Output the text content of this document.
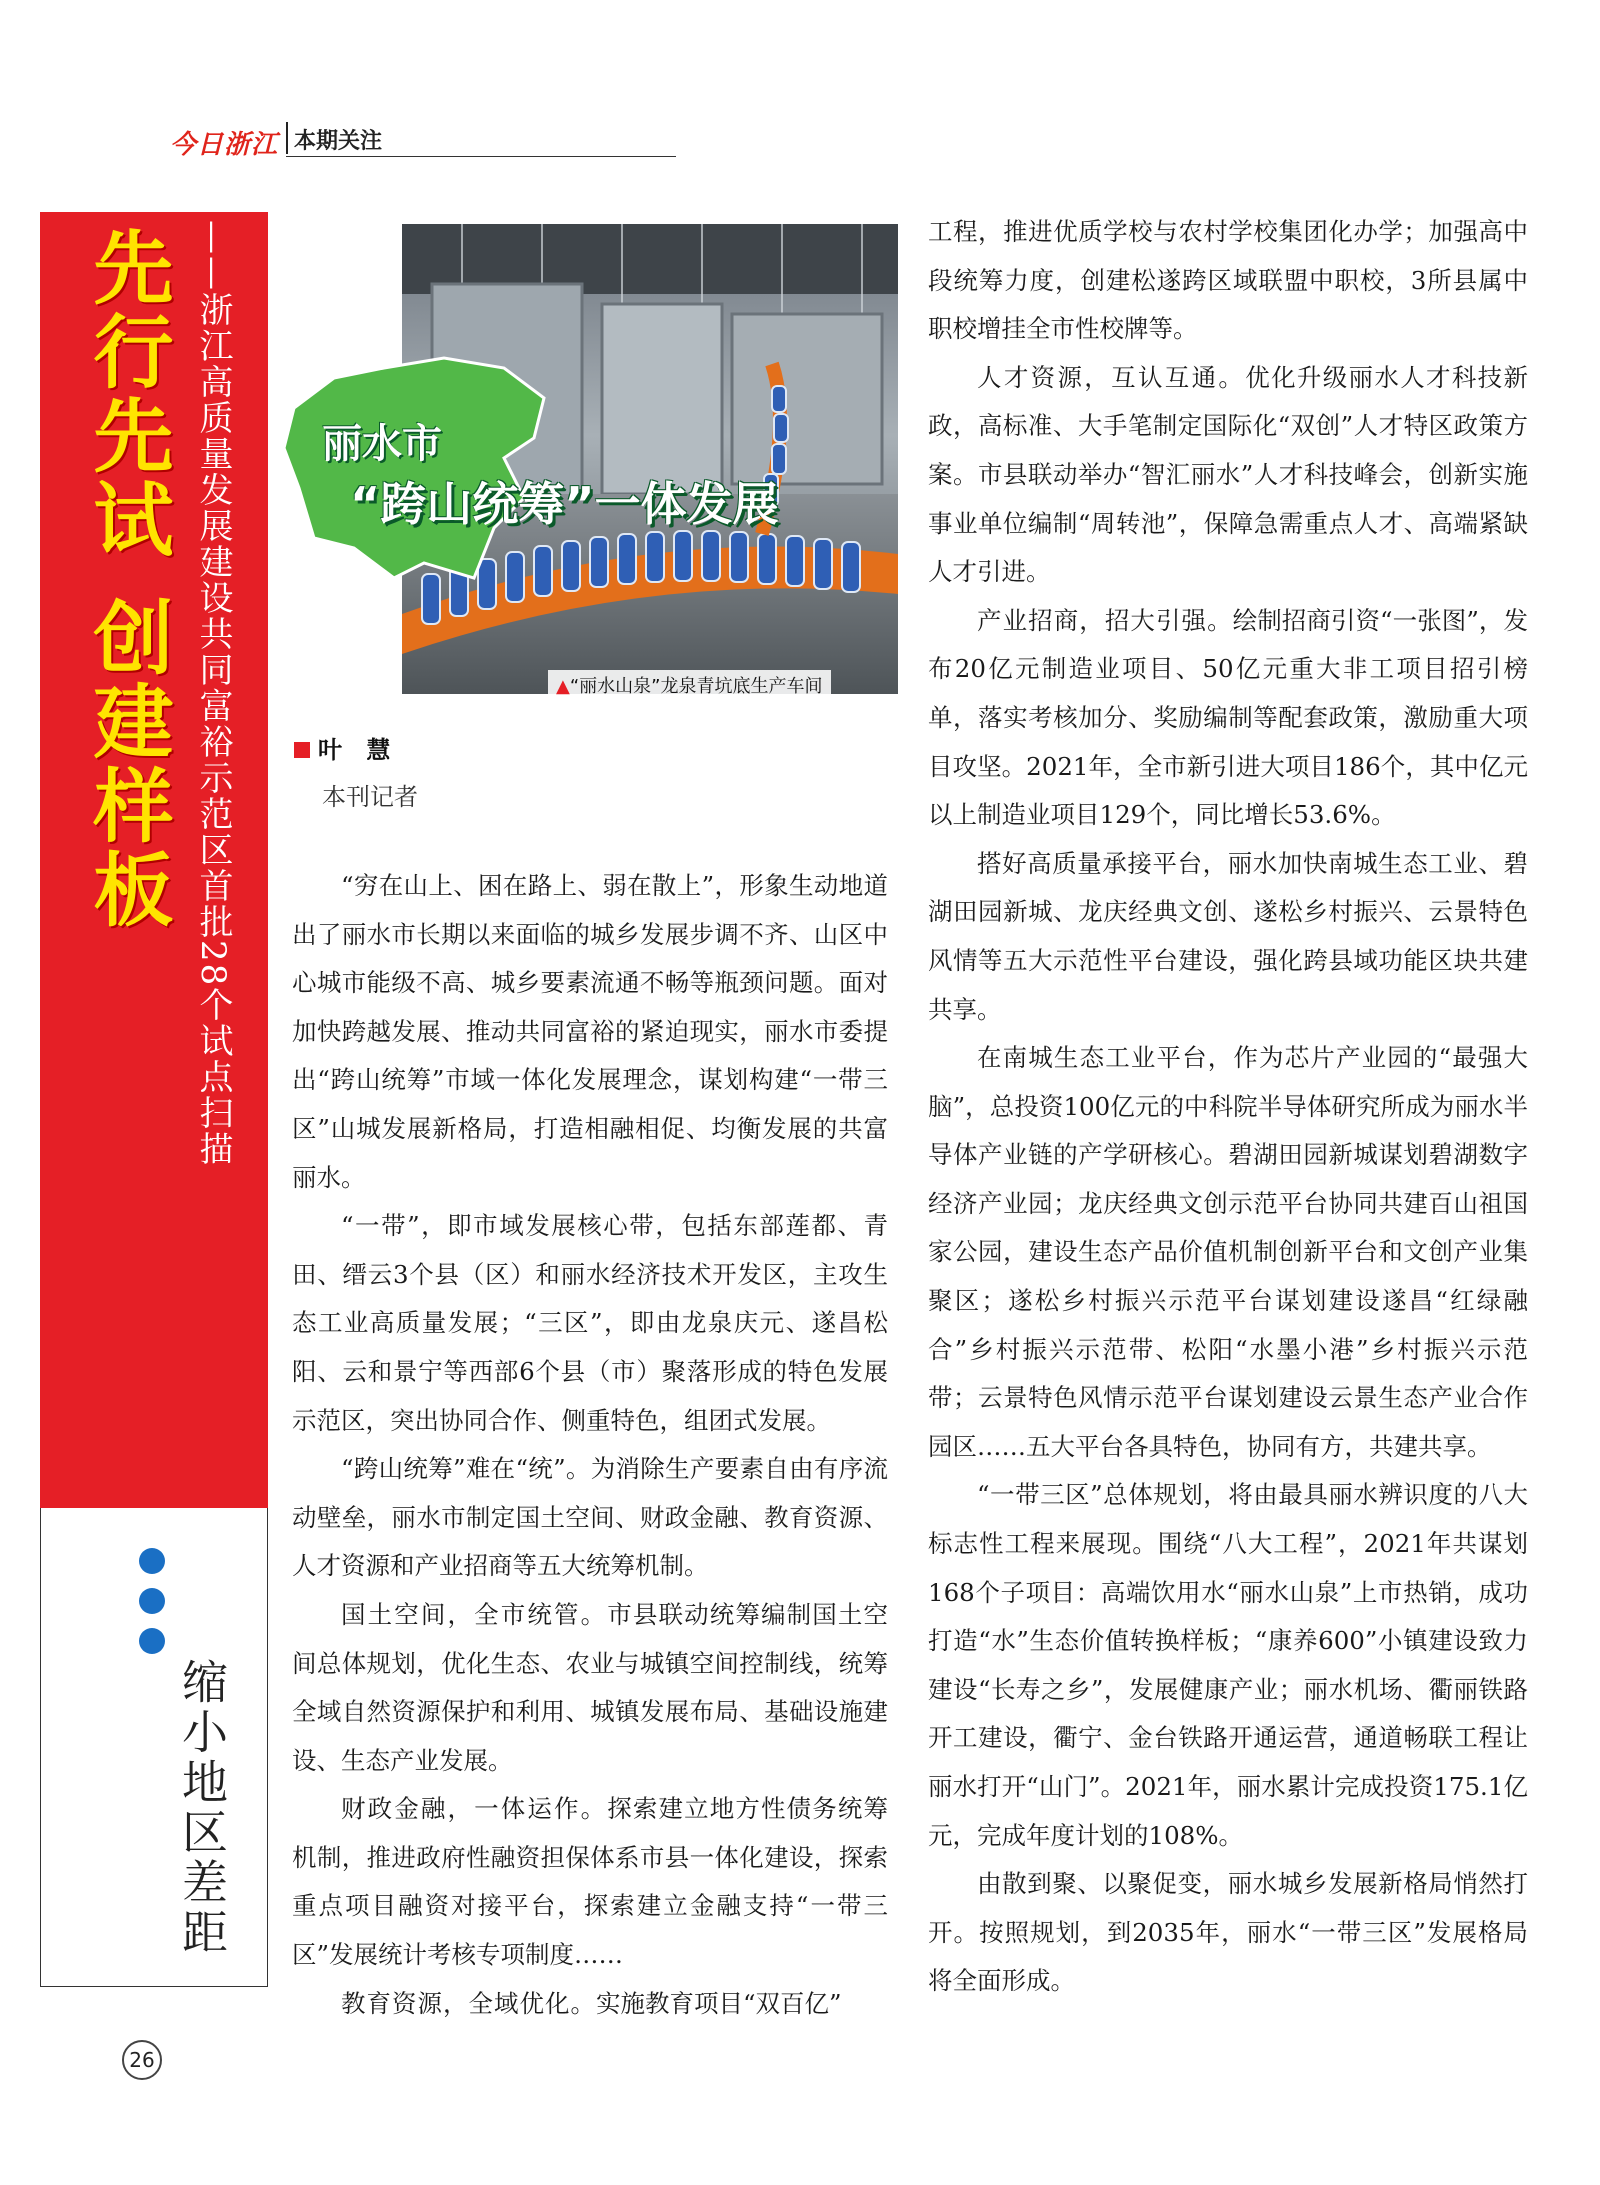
今日浙江 本期关注
先行先试
创建样板 ——浙江高质量发展建设共同富裕示范区首批28个试点扫描
缩小地区差距
丽水市
“跨山统筹”一体发展
▲“丽水山泉”龙泉青坑底生产车间
叶 慧
本刊记者

“穷在山上、困在路上、弱在散上”，形象生动地道出了丽水市长期以来面临的城乡发展步调不齐、山区中心城市能级不高、城乡要素流通不畅等瓶颈问题。面对加快跨越发展、推动共同富裕的紧迫现实，丽水市委提出“跨山统筹”市域一体化发展理念，谋划构建“一带三区”山城发展新格局，打造相融相促、均衡发展的共富丽水。

“一带”，即市域发展核心带，包括东部莲都、青田、缙云3个县（区）和丽水经济技术开发区，主攻生态工业高质量发展；“三区”，即由龙泉庆元、遂昌松阳、云和景宁等西部6个县（市）聚落形成的特色发展示范区，突出协同合作、侧重特色，组团式发展。

“跨山统筹”难在“统”。为消除生产要素自由有序流动壁垒，丽水市制定国土空间、财政金融、教育资源、人才资源和产业招商等五大统筹机制。

国土空间，全市统管。市县联动统筹编制国土空间总体规划，优化生态、农业与城镇空间控制线，统筹全域自然资源保护和利用、城镇发展布局、基础设施建设、生态产业发展。

财政金融，一体运作。探索建立地方性债务统筹机制，推进政府性融资担保体系市县一体化建设，探索重点项目融资对接平台，探索建立金融支持“一带三区”发展统计考核专项制度……

教育资源，全域优化。实施教育项目“双百亿”

工程，推进优质学校与农村学校集团化办学；加强高中段统筹力度，创建松遂跨区域联盟中职校，3所县属中职校增挂全市性校牌等。

人才资源，互认互通。优化升级丽水人才科技新政，高标准、大手笔制定国际化“双创”人才特区政策方案。市县联动举办“智汇丽水”人才科技峰会，创新实施事业单位编制“周转池”，保障急需重点人才、高端紧缺人才引进。

产业招商，招大引强。绘制招商引资“一张图”，发布20亿元制造业项目、50亿元重大非工项目招引榜单，落实考核加分、奖励编制等配套政策，激励重大项目攻坚。2021年，全市新引进大项目186个，其中亿元以上制造业项目129个，同比增长53.6%。

搭好高质量承接平台，丽水加快南城生态工业、碧湖田园新城、龙庆经典文创、遂松乡村振兴、云景特色风情等五大示范性平台建设，强化跨县域功能区块共建共享。

在南城生态工业平台，作为芯片产业园的“最强大脑”，总投资100亿元的中科院半导体研究所成为丽水半导体产业链的产学研核心。碧湖田园新城谋划碧湖数字经济产业园；龙庆经典文创示范平台协同共建百山祖国家公园，建设生态产品价值机制创新平台和文创产业集聚区；遂松乡村振兴示范平台谋划建设遂昌“红绿融合”乡村振兴示范带、松阳“水墨小港”乡村振兴示范带；云景特色风情示范平台谋划建设云景生态产业合作园区……五大平台各具特色，协同有方，共建共享。

“一带三区”总体规划，将由最具丽水辨识度的八大标志性工程来展现。围绕“八大工程”，2021年共谋划168个子项目：高端饮用水“丽水山泉”上市热销，成功打造“水”生态价值转换样板；“康养600”小镇建设致力建设“长寿之乡”，发展健康产业；丽水机场、衢丽铁路开工建设，衢宁、金台铁路开通运营，通道畅联工程让丽水打开“山门”。2021年，丽水累计完成投资175.1亿元，完成年度计划的108%。

由散到聚、以聚促变，丽水城乡发展新格局悄然打开。按照规划，到2035年，丽水“一带三区”发展格局将全面形成。

26
